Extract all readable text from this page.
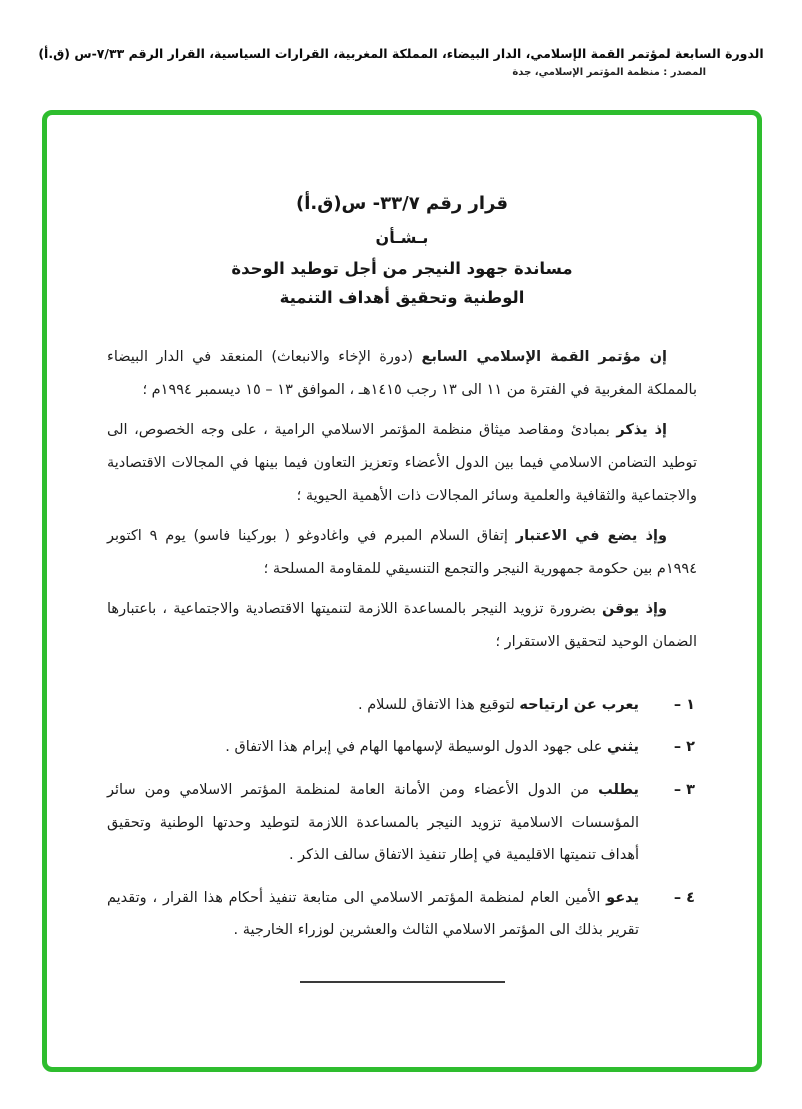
الدورة السابعة لمؤتمر القمة الإسلامي، الدار البيضاء، المملكة المغربية، القرارات السياسية، القرار الرقم ٧/٣٣-س (ق.أ)
المصدر : منظمة المؤتمر الإسلامي، جدة
قرار رقم ٣٣/٧- س(ق.أ)
بـشـأن
مساندة جهود النيجر من أجل توطيد الوحدة
الوطنية وتحقيق أهداف التنمية
إن مؤتمر القمة الإسلامي السابع (دورة الإخاء والانبعاث) المنعقد في الدار البيضاء بالمملكة المغربية في الفترة من ١١ الى ١٣ رجب ١٤١٥هـ ، الموافق ١٣ – ١٥ ديسمبر ١٩٩٤م ؛
إذ يذكر بمبادئ ومقاصد ميثاق منظمة المؤتمر الاسلامي الرامية ، على وجه الخصوص، الى توطيد التضامن الاسلامي فيما بين الدول الأعضاء وتعزيز التعاون فيما بينها في المجالات الاقتصادية والاجتماعية والثقافية والعلمية وسائر المجالات ذات الأهمية الحيوية ؛
وإذ يضع في الاعتبار إتفاق السلام المبرم في واغادوغو ( بوركينا فاسو) يوم ٩ اكتوبر ١٩٩٤م بين حكومة جمهورية النيجر والتجمع التنسيقي للمقاومة المسلحة ؛
وإذ يوقن بضرورة تزويد النيجر بالمساعدة اللازمة لتنميتها الاقتصادية والاجتماعية ، باعتبارها الضمان الوحيد لتحقيق الاستقرار ؛
١ –
يعرب عن ارتياحه لتوقيع هذا الاتفاق للسلام .
٢ –
يثني على جهود الدول الوسيطة لإسهامها الهام في إبرام هذا الاتفاق .
٣ –
يطلب من الدول الأعضاء ومن الأمانة العامة لمنظمة المؤتمر الاسلامي ومن سائر المؤسسات الاسلامية تزويد النيجر بالمساعدة اللازمة لتوطيد وحدتها الوطنية وتحقيق أهداف تنميتها الاقليمية في إطار تنفيذ الاتفاق سالف الذكر .
٤ –
يدعو الأمين العام لمنظمة المؤتمر الاسلامي الى متابعة تنفيذ أحكام هذا القرار ، وتقديم تقرير بذلك الى المؤتمر الاسلامي الثالث والعشرين لوزراء الخارجية .
